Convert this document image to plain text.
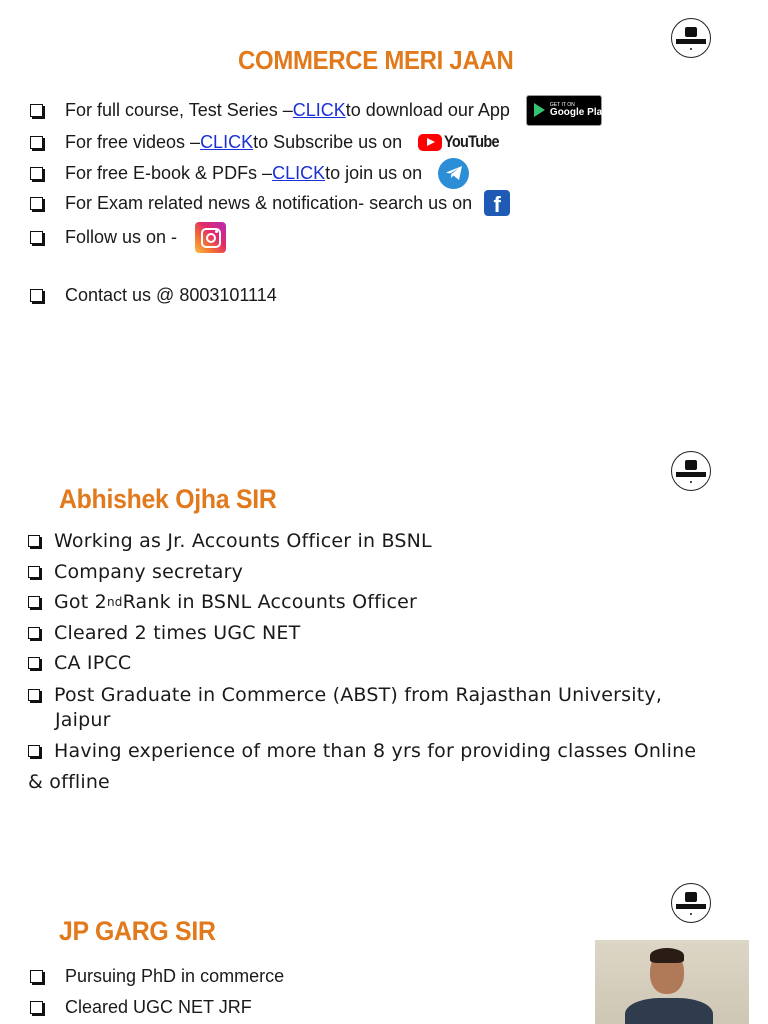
COMMERCE MERI JAAN
For full course, Test Series – CLICK to download our App	GET IT ON
Google Play
For free videos – CLICK to Subscribe us on YouTube
For free E-book & PDFs – CLICK to join us on
For Exam related news & notification- search us on f
Follow us on -
Contact us @ 8003101114
Abhishek Ojha SIR
Working as Jr. Accounts Officer in BSNL
Company secretary
Got 2 nd Rank in BSNL Accounts Officer
Cleared 2 times UGC NET
CA IPCC
Post Graduate in Commerce (ABST) from Rajasthan University,
Jaipur
Having experience of more than 8 yrs for providing classes Online
& offline
JP GARG SIR
Pursuing PhD in commerce
Cleared UGC NET JRF
